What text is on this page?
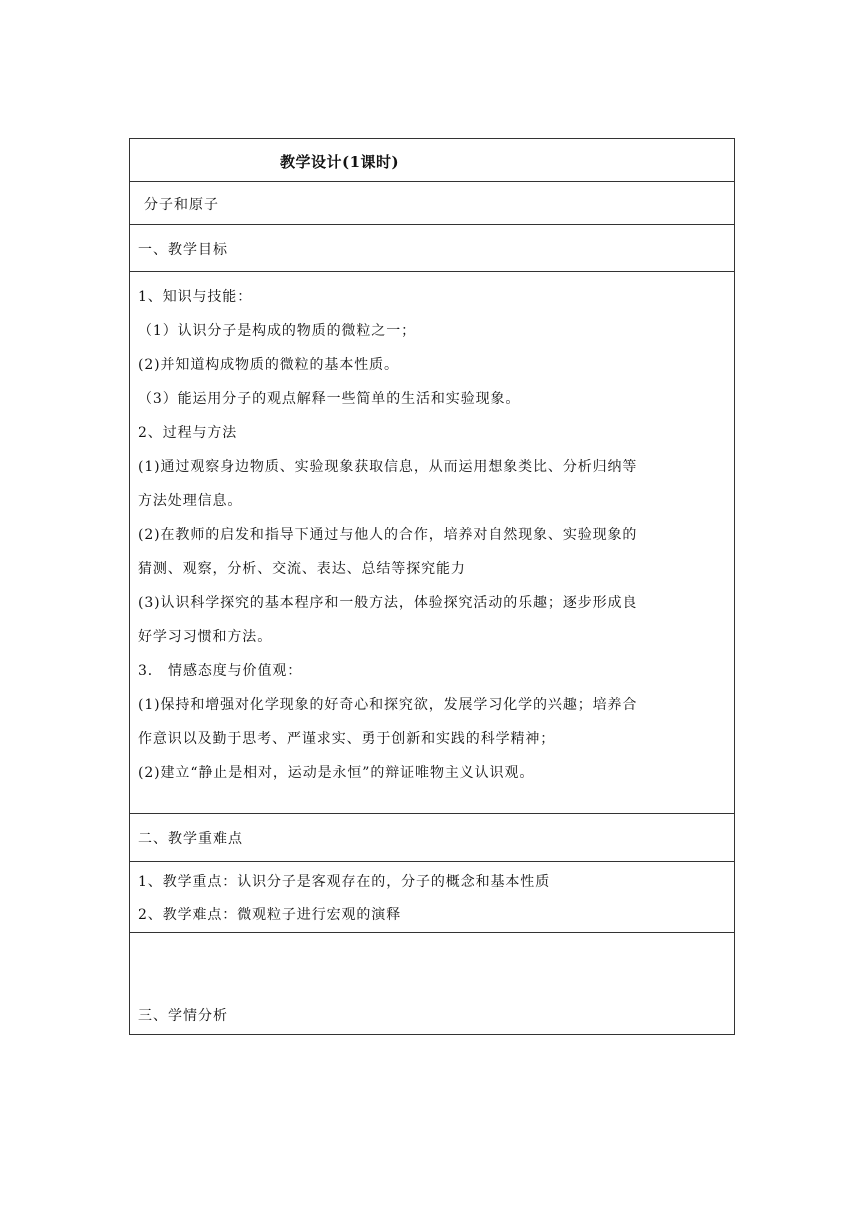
教学设计(1课时)
分子和原子
一、教学目标
1、知识与技能：
（1）认识分子是构成的物质的微粒之一；
(2)并知道构成物质的微粒的基本性质。
（3）能运用分子的观点解释一些简单的生活和实验现象。
2、过程与方法
(1)通过观察身边物质、实验现象获取信息，从而运用想象类比、分析归纳等
方法处理信息。
(2)在教师的启发和指导下通过与他人的合作，培养对自然现象、实验现象的
猜测、观察，分析、交流、表达、总结等探究能力
(3)认识科学探究的基本程序和一般方法，体验探究活动的乐趣；逐步形成良
好学习习惯和方法。
3． 情感态度与价值观：
(1)保持和增强对化学现象的好奇心和探究欲，发展学习化学的兴趣；培养合
作意识以及勤于思考、严谨求实、勇于创新和实践的科学精神；
(2)建立“静止是相对，运动是永恒”的辩证唯物主义认识观。
二、教学重难点
1、教学重点：认识分子是客观存在的，分子的概念和基本性质
2、教学难点：微观粒子进行宏观的演释
三、学情分析
